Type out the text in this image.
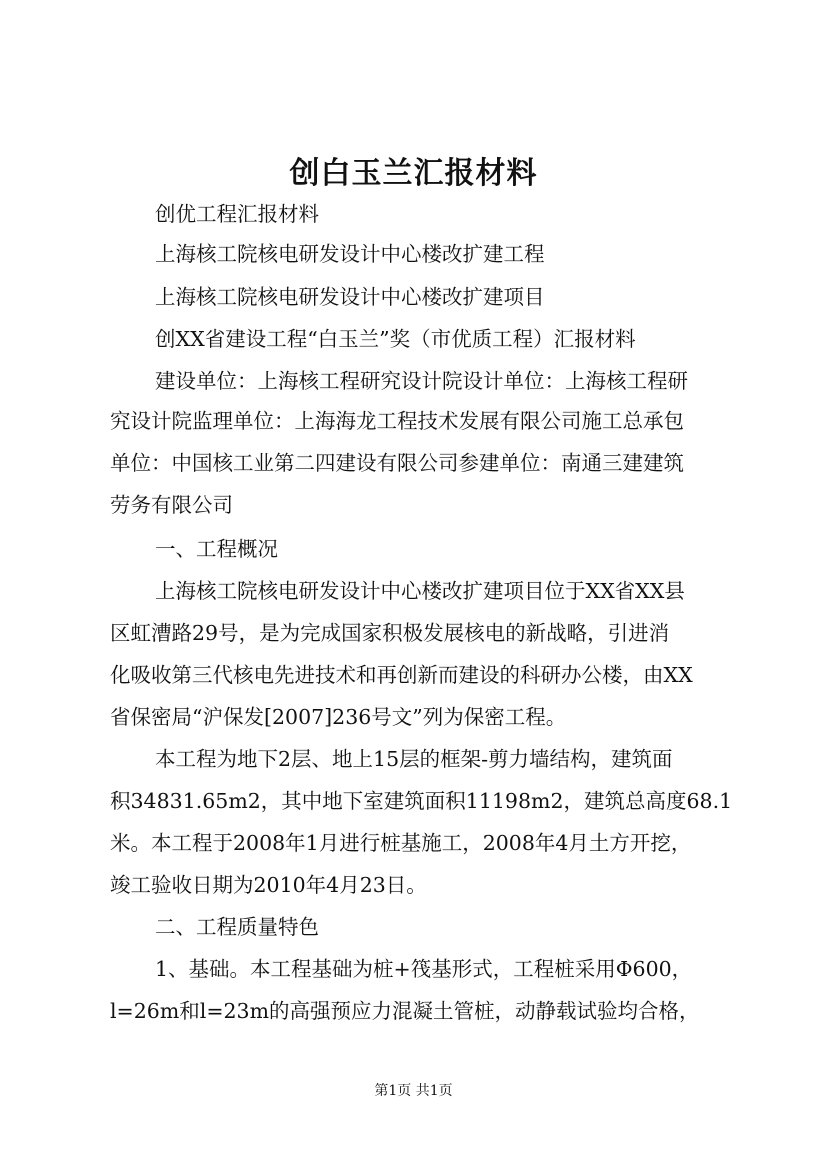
创白玉兰汇报材料
创优工程汇报材料
上海核工院核电研发设计中心楼改扩建工程
上海核工院核电研发设计中心楼改扩建项目
创XX省建设工程“白玉兰”奖（市优质工程）汇报材料
建设单位：上海核工程研究设计院设计单位：上海核工程研
究设计院监理单位：上海海龙工程技术发展有限公司施工总承包
单位：中国核工业第二四建设有限公司参建单位：南通三建建筑
劳务有限公司
一、工程概况
上海核工院核电研发设计中心楼改扩建项目位于XX省XX县
区虹漕路29号，是为完成国家积极发展核电的新战略，引进消
化吸收第三代核电先进技术和再创新而建设的科研办公楼，由XX
省保密局“沪保发[2007]236号文”列为保密工程。
本工程为地下2层、地上15层的框架-剪力墙结构，建筑面
积34831.65m2，其中地下室建筑面积11198m2，建筑总高度68.1
米。本工程于2008年1月进行桩基施工，2008年4月土方开挖，
竣工验收日期为2010年4月23日。
二、工程质量特色
1、基础。本工程基础为桩+筏基形式，工程桩采用Φ600，
l=26m和l=23m的高强预应力混凝土管桩，动静载试验均合格，
第1页 共1页
